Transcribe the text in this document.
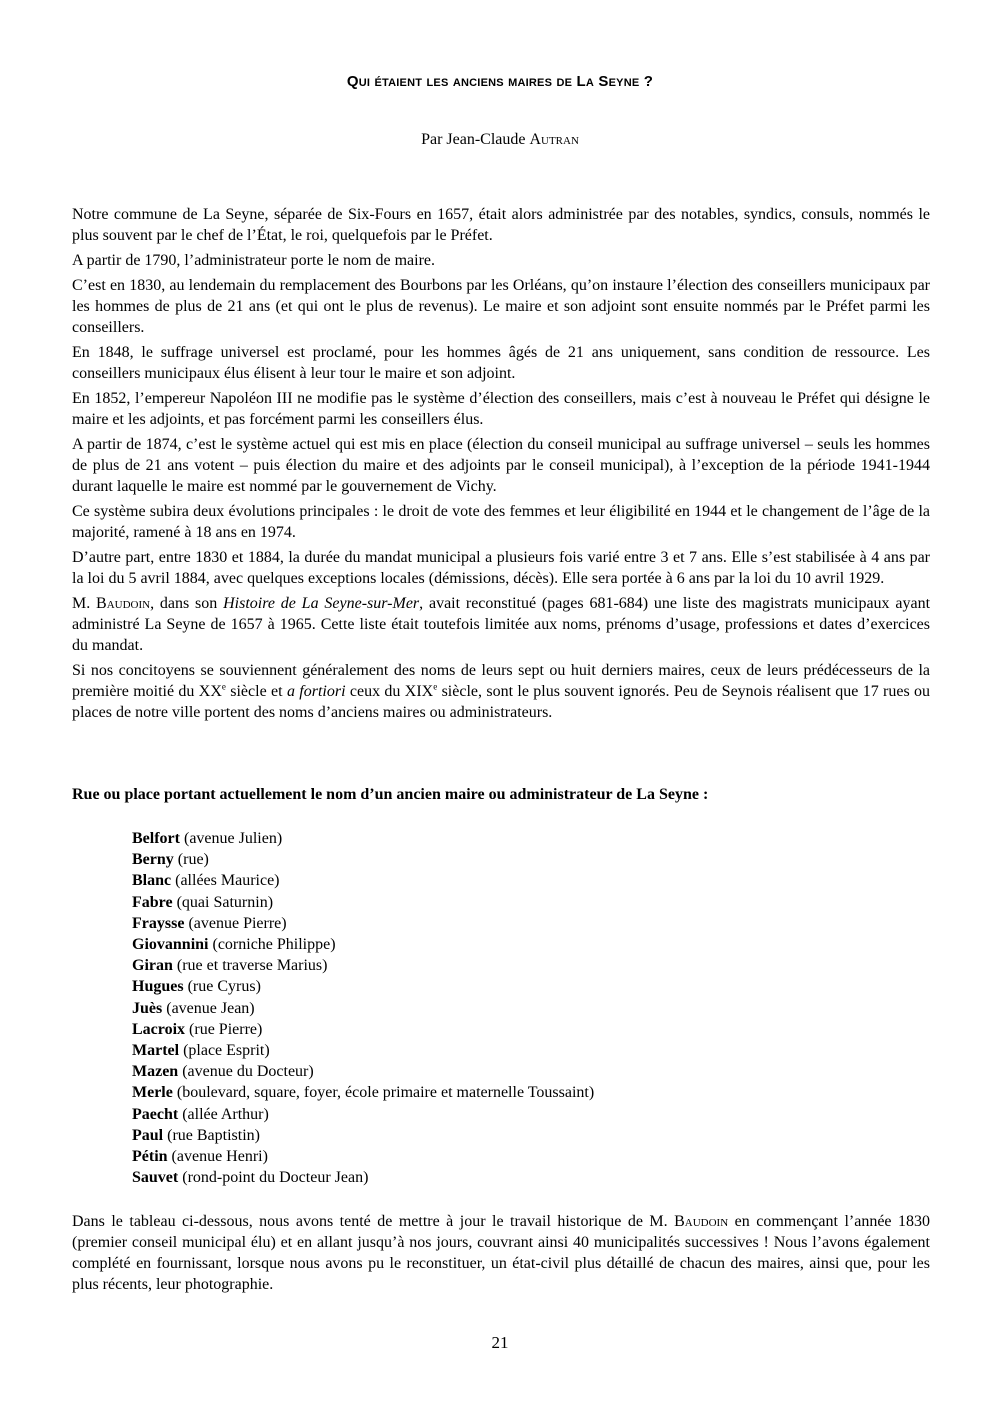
Qui étaient les anciens maires de La Seyne ?
Par Jean-Claude Autran

Notre commune de La Seyne, séparée de Six-Fours en 1657, était alors administrée par des notables, syndics, consuls, nommés le plus souvent par le chef de l’État, le roi, quelquefois par le Préfet.

A partir de 1790, l’administrateur porte le nom de maire.

C’est en 1830, au lendemain du remplacement des Bourbons par les Orléans, qu’on instaure l’élection des conseillers municipaux par les hommes de plus de 21 ans (et qui ont le plus de revenus). Le maire et son adjoint sont ensuite nommés par le Préfet parmi les conseillers.

En 1848, le suffrage universel est proclamé, pour les hommes âgés de 21 ans uniquement, sans condition de ressource. Les conseillers municipaux élus élisent à leur tour le maire et son adjoint.

En 1852, l’empereur Napoléon III ne modifie pas le système d’élection des conseillers, mais c’est à nouveau le Préfet qui désigne le maire et les adjoints, et pas forcément parmi les conseillers élus.

A partir de 1874, c’est le système actuel qui est mis en place (élection du conseil municipal au suffrage universel – seuls les hommes de plus de 21 ans votent – puis élection du maire et des adjoints par le conseil municipal), à l’exception de la période 1941-1944 durant laquelle le maire est nommé par le gouvernement de Vichy.

Ce système subira deux évolutions principales : le droit de vote des femmes et leur éligibilité en 1944 et le changement de l’âge de la majorité, ramené à 18 ans en 1974.

D’autre part, entre 1830 et 1884, la durée du mandat municipal a plusieurs fois varié entre 3 et 7 ans. Elle s’est stabilisée à 4 ans par la loi du 5 avril 1884, avec quelques exceptions locales (démissions, décès). Elle sera portée à 6 ans par la loi du 10 avril 1929.

M. Baudoin, dans son Histoire de La Seyne-sur-Mer, avait reconstitué (pages 681-684) une liste des magistrats municipaux ayant administré La Seyne de 1657 à 1965. Cette liste était toutefois limitée aux noms, prénoms d’usage, professions et dates d’exercices du mandat.

Si nos concitoyens se souviennent généralement des noms de leurs sept ou huit derniers maires, ceux de leurs prédécesseurs de la première moitié du XXe siècle et a fortiori ceux du XIXe siècle, sont le plus souvent ignorés. Peu de Seynois réalisent que 17 rues ou places de notre ville portent des noms d’anciens maires ou administrateurs.

Rue ou place portant actuellement le nom d’un ancien maire ou administrateur de La Seyne :
Belfort (avenue Julien)
Berny (rue)
Blanc (allées Maurice)
Fabre (quai Saturnin)
Fraysse (avenue Pierre)
Giovannini (corniche Philippe)
Giran (rue et traverse Marius)
Hugues (rue Cyrus)
Juès (avenue Jean)
Lacroix (rue Pierre)
Martel (place Esprit)
Mazen (avenue du Docteur)
Merle (boulevard, square, foyer, école primaire et maternelle Toussaint)
Paecht (allée Arthur)
Paul (rue Baptistin)
Pétin (avenue Henri)
Sauvet (rond-point du Docteur Jean)

Dans le tableau ci-dessous, nous avons tenté de mettre à jour le travail historique de M. Baudoin en commençant l’année 1830 (premier conseil municipal élu) et en allant jusqu’à nos jours, couvrant ainsi 40 municipalités successives ! Nous l’avons également complété en fournissant, lorsque nous avons pu le reconstituer, un état-civil plus détaillé de chacun des maires, ainsi que, pour les plus récents, leur photographie.

21
